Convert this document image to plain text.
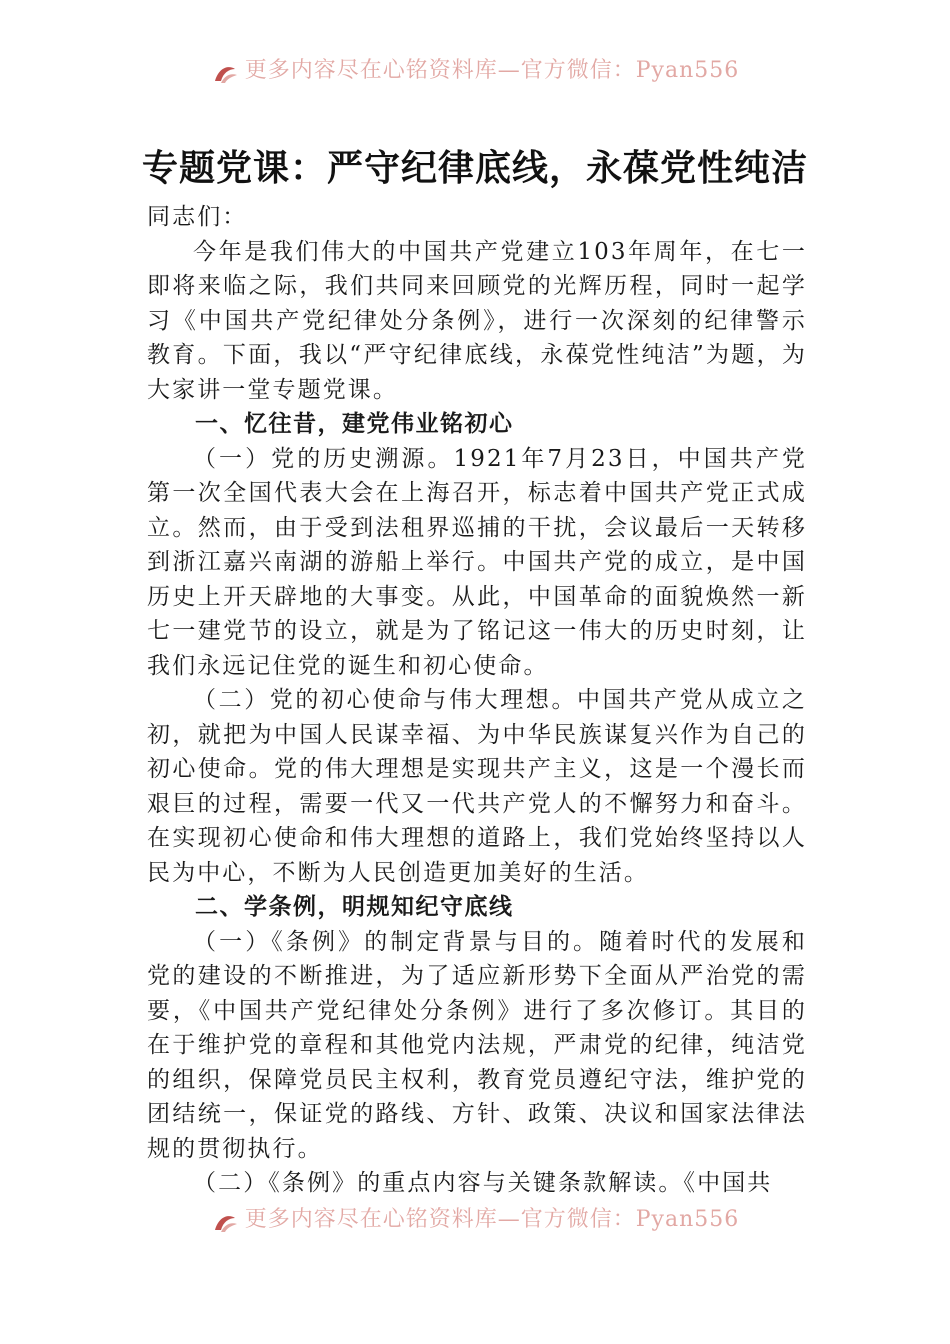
更多内容尽在心铭资料库—官方微信：Pyan556
专题党课：严守纪律底线，永葆党性纯洁

同志们：

今年是我们伟大的中国共产党建立103年周年，在七一即将来临之际，我们共同来回顾党的光辉历程，同时一起学习《中国共产党纪律处分条例》，进行一次深刻的纪律警示教育。下面，我以“严守纪律底线，永葆党性纯洁”为题，为大家讲一堂专题党课。

一、忆往昔，建党伟业铭初心

（一）党的历史溯源。1921年7月23日，中国共产党第一次全国代表大会在上海召开，标志着中国共产党正式成立。然而，由于受到法租界巡捕的干扰，会议最后一天转移到浙江嘉兴南湖的游船上举行。中国共产党的成立，是中国历史上开天辟地的大事变。从此，中国革命的面貌焕然一新七一建党节的设立，就是为了铭记这一伟大的历史时刻，让我们永远记住党的诞生和初心使命。

（二）党的初心使命与伟大理想。中国共产党从成立之初，就把为中国人民谋幸福、为中华民族谋复兴作为自己的初心使命。党的伟大理想是实现共产主义，这是一个漫长而艰巨的过程，需要一代又一代共产党人的不懈努力和奋斗。在实现初心使命和伟大理想的道路上，我们党始终坚持以人民为中心，不断为人民创造更加美好的生活。

二、学条例，明规知纪守底线

（一）《条例》的制定背景与目的。随着时代的发展和党的建设的不断推进，为了适应新形势下全面从严治党的需要，《中国共产党纪律处分条例》进行了多次修订。其目的在于维护党的章程和其他党内法规，严肃党的纪律，纯洁党的组织，保障党员民主权利，教育党员遵纪守法，维护党的团结统一，保证党的路线、方针、政策、决议和国家法律法规的贯彻执行。

（二）《条例》的重点内容与关键条款解读。《中国共

更多内容尽在心铭资料库—官方微信：Pyan556
